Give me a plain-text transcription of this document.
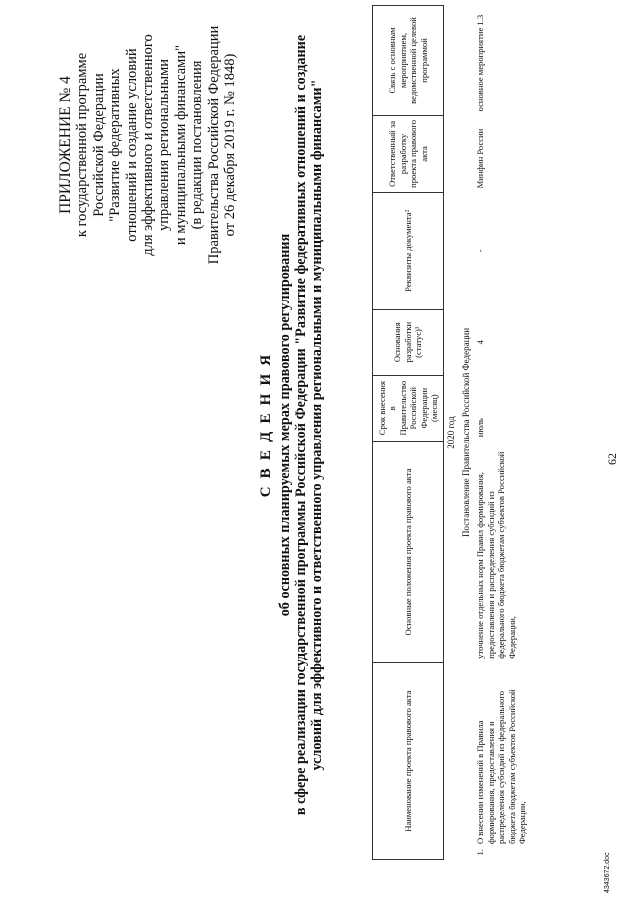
62
ПРИЛОЖЕНИЕ № 4 к государственной программе Российской Федерации "Развитие федеративных отношений и создание условий для эффективного и ответственного управления региональными и муниципальными финансами" (в редакции постановления Правительства Российской Федерации от 26 декабря 2019 г. № 1848)
С В Е Д Е Н И Я об основных планируемых мерах правового регулирования в сфере реализации государственной программы Российской Федерации "Развитие федеративных отношений и создание условий для эффективного и ответственного управления региональными и муниципальными финансами"	Наименование проекта правового акта	Основные положения проекта правового акта	Срок внесения в Правительство Российской Федерации (месяц)	Основания разработки (статус)¹	Реквизиты документа²	Ответственный за разработку проекта правового акта	Связь с основным мероприятием, ведомственной целевой программой
2020 год						
Постановление Правительства Российской Федерации						

1.
О внесении изменений в Правила формирования, предоставления и распределения субсидий из федерального бюджета бюджетам субъектов Российской Федерации,	уточнение отдельных норм Правил формирования, предоставления и распределения субсидий из федерального бюджета бюджетам субъектов Российской Федерации,	июль	4	-	Минфин России	основное мероприятие 1.3
4343672.doc
